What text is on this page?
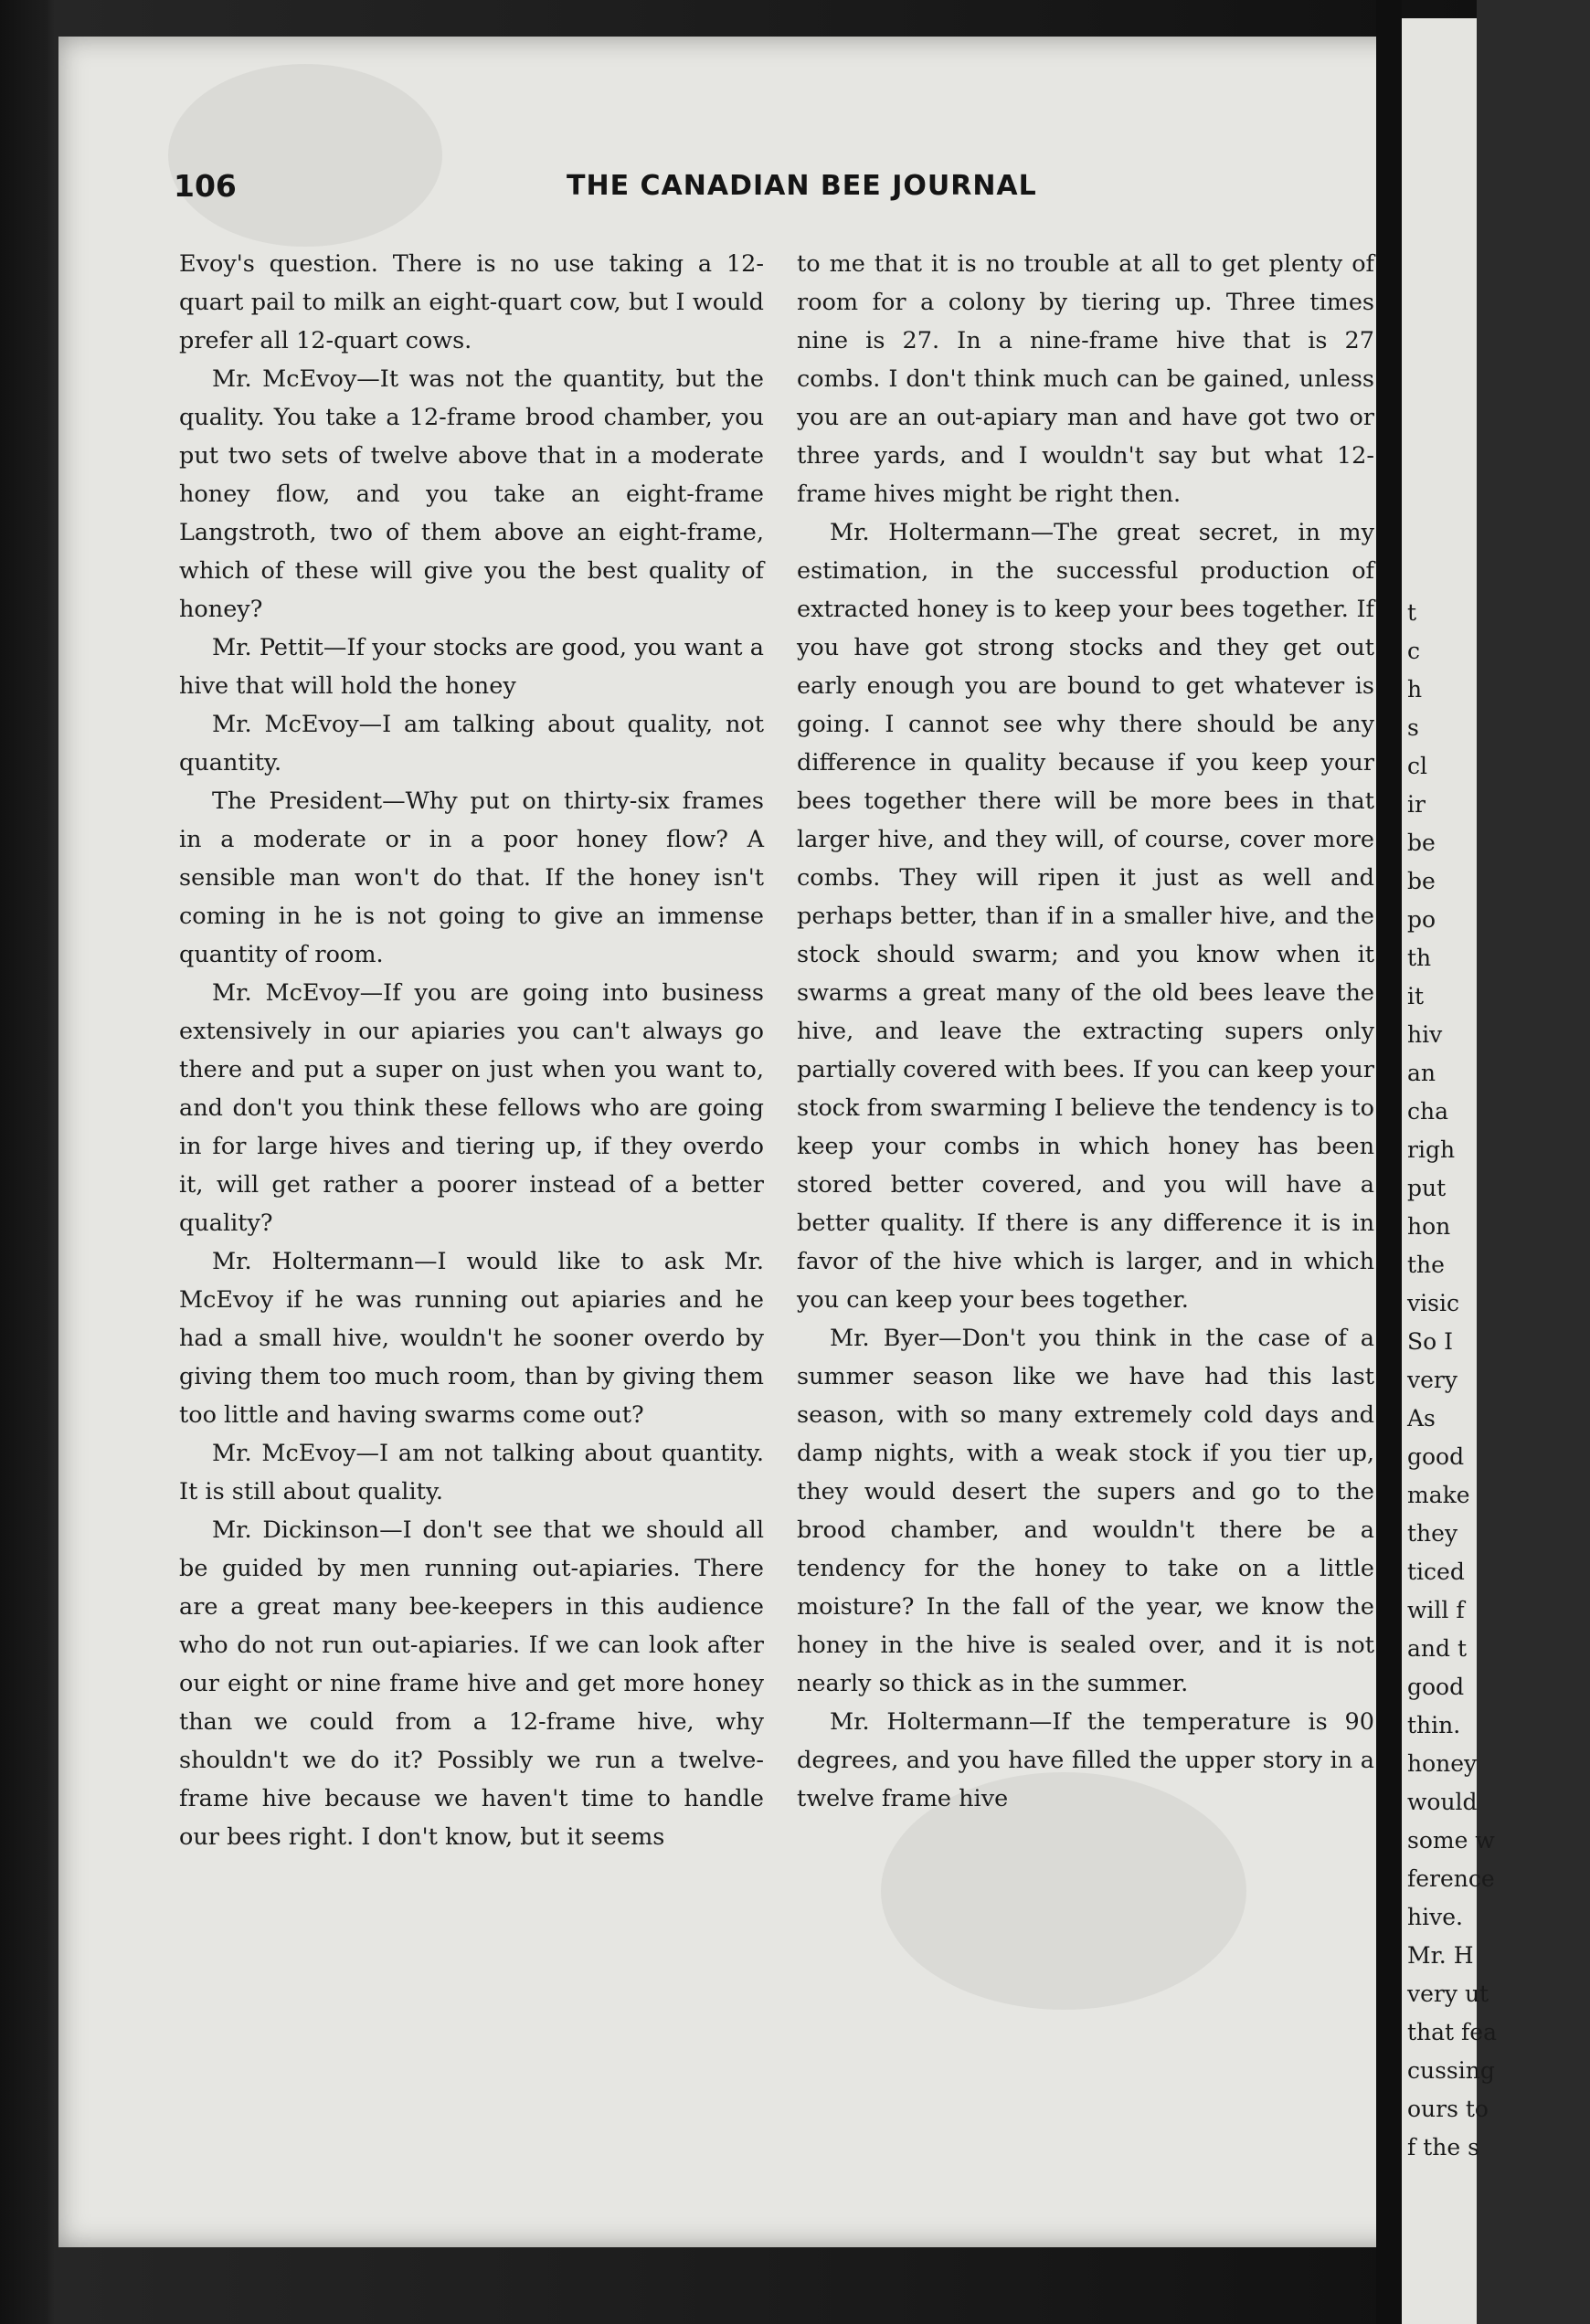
106	THE CANADIAN BEE JOURNAL

Evoy's question. There is no use taking a 12-quart pail to milk an eight-quart cow, but I would prefer all 12-quart cows.

Mr. McEvoy—It was not the quantity, but the quality. You take a 12-frame brood chamber, you put two sets of twelve above that in a moderate honey flow, and you take an eight-frame Langstroth, two of them above an eight-frame, which of these will give you the best quality of honey?

Mr. Pettit—If your stocks are good, you want a hive that will hold the honey

Mr. McEvoy—I am talking about quality, not quantity.

The President—Why put on thirty-six frames in a moderate or in a poor honey flow? A sensible man won't do that. If the honey isn't coming in he is not going to give an immense quantity of room.

Mr. McEvoy—If you are going into business extensively in our apiaries you can't always go there and put a super on just when you want to, and don't you think these fellows who are going in for large hives and tiering up, if they overdo it, will get rather a poorer instead of a better quality?

Mr. Holtermann—I would like to ask Mr. McEvoy if he was running out apiaries and he had a small hive, wouldn't he sooner overdo by giving them too much room, than by giving them too little and having swarms come out?

Mr. McEvoy—I am not talking about quantity. It is still about quality.

Mr. Dickinson—I don't see that we should all be guided by men running out-apiaries. There are a great many bee-keepers in this audience who do not run out-apiaries. If we can look after our eight or nine frame hive and get more honey than we could from a 12-frame hive, why shouldn't we do it? Possibly we run a twelve-frame hive because we haven't time to handle our bees right. I don't know, but it seems

to me that it is no trouble at all to get plenty of room for a colony by tiering up. Three times nine is 27. In a nine-frame hive that is 27 combs. I don't think much can be gained, unless you are an out-apiary man and have got two or three yards, and I wouldn't say but what 12-frame hives might be right then.

Mr. Holtermann—The great secret, in my estimation, in the successful production of extracted honey is to keep your bees together. If you have got strong stocks and they get out early enough you are bound to get whatever is going. I cannot see why there should be any difference in quality because if you keep your bees together there will be more bees in that larger hive, and they will, of course, cover more combs. They will ripen it just as well and perhaps better, than if in a smaller hive, and the stock should swarm; and you know when it swarms a great many of the old bees leave the hive, and leave the extracting supers only partially covered with bees. If you can keep your stock from swarming I believe the tendency is to keep your combs in which honey has been stored better covered, and you will have a better quality. If there is any difference it is in favor of the hive which is larger, and in which you can keep your bees together.

Mr. Byer—Don't you think in the case of a summer season like we have had this last season, with so many extremely cold days and damp nights, with a weak stock if you tier up, they would desert the supers and go to the brood chamber, and wouldn't there be a tendency for the honey to take on a little moisture? In the fall of the year, we know the honey in the hive is sealed over, and it is not nearly so thick as in the summer.

Mr. Holtermann—If the temperature is 90 degrees, and you have filled the upper story in a twelve frame hive

t
c
h
s
cl
ir
be
be
po
th
it
hiv
an
cha
righ
put
hon
the
visic
So I
very
As
good
make
they
ticed
will f
and t
good
thin.
honey
would
some w
ference
hive.
Mr. H
very ut
that fea
cussing
ours to
f the s
